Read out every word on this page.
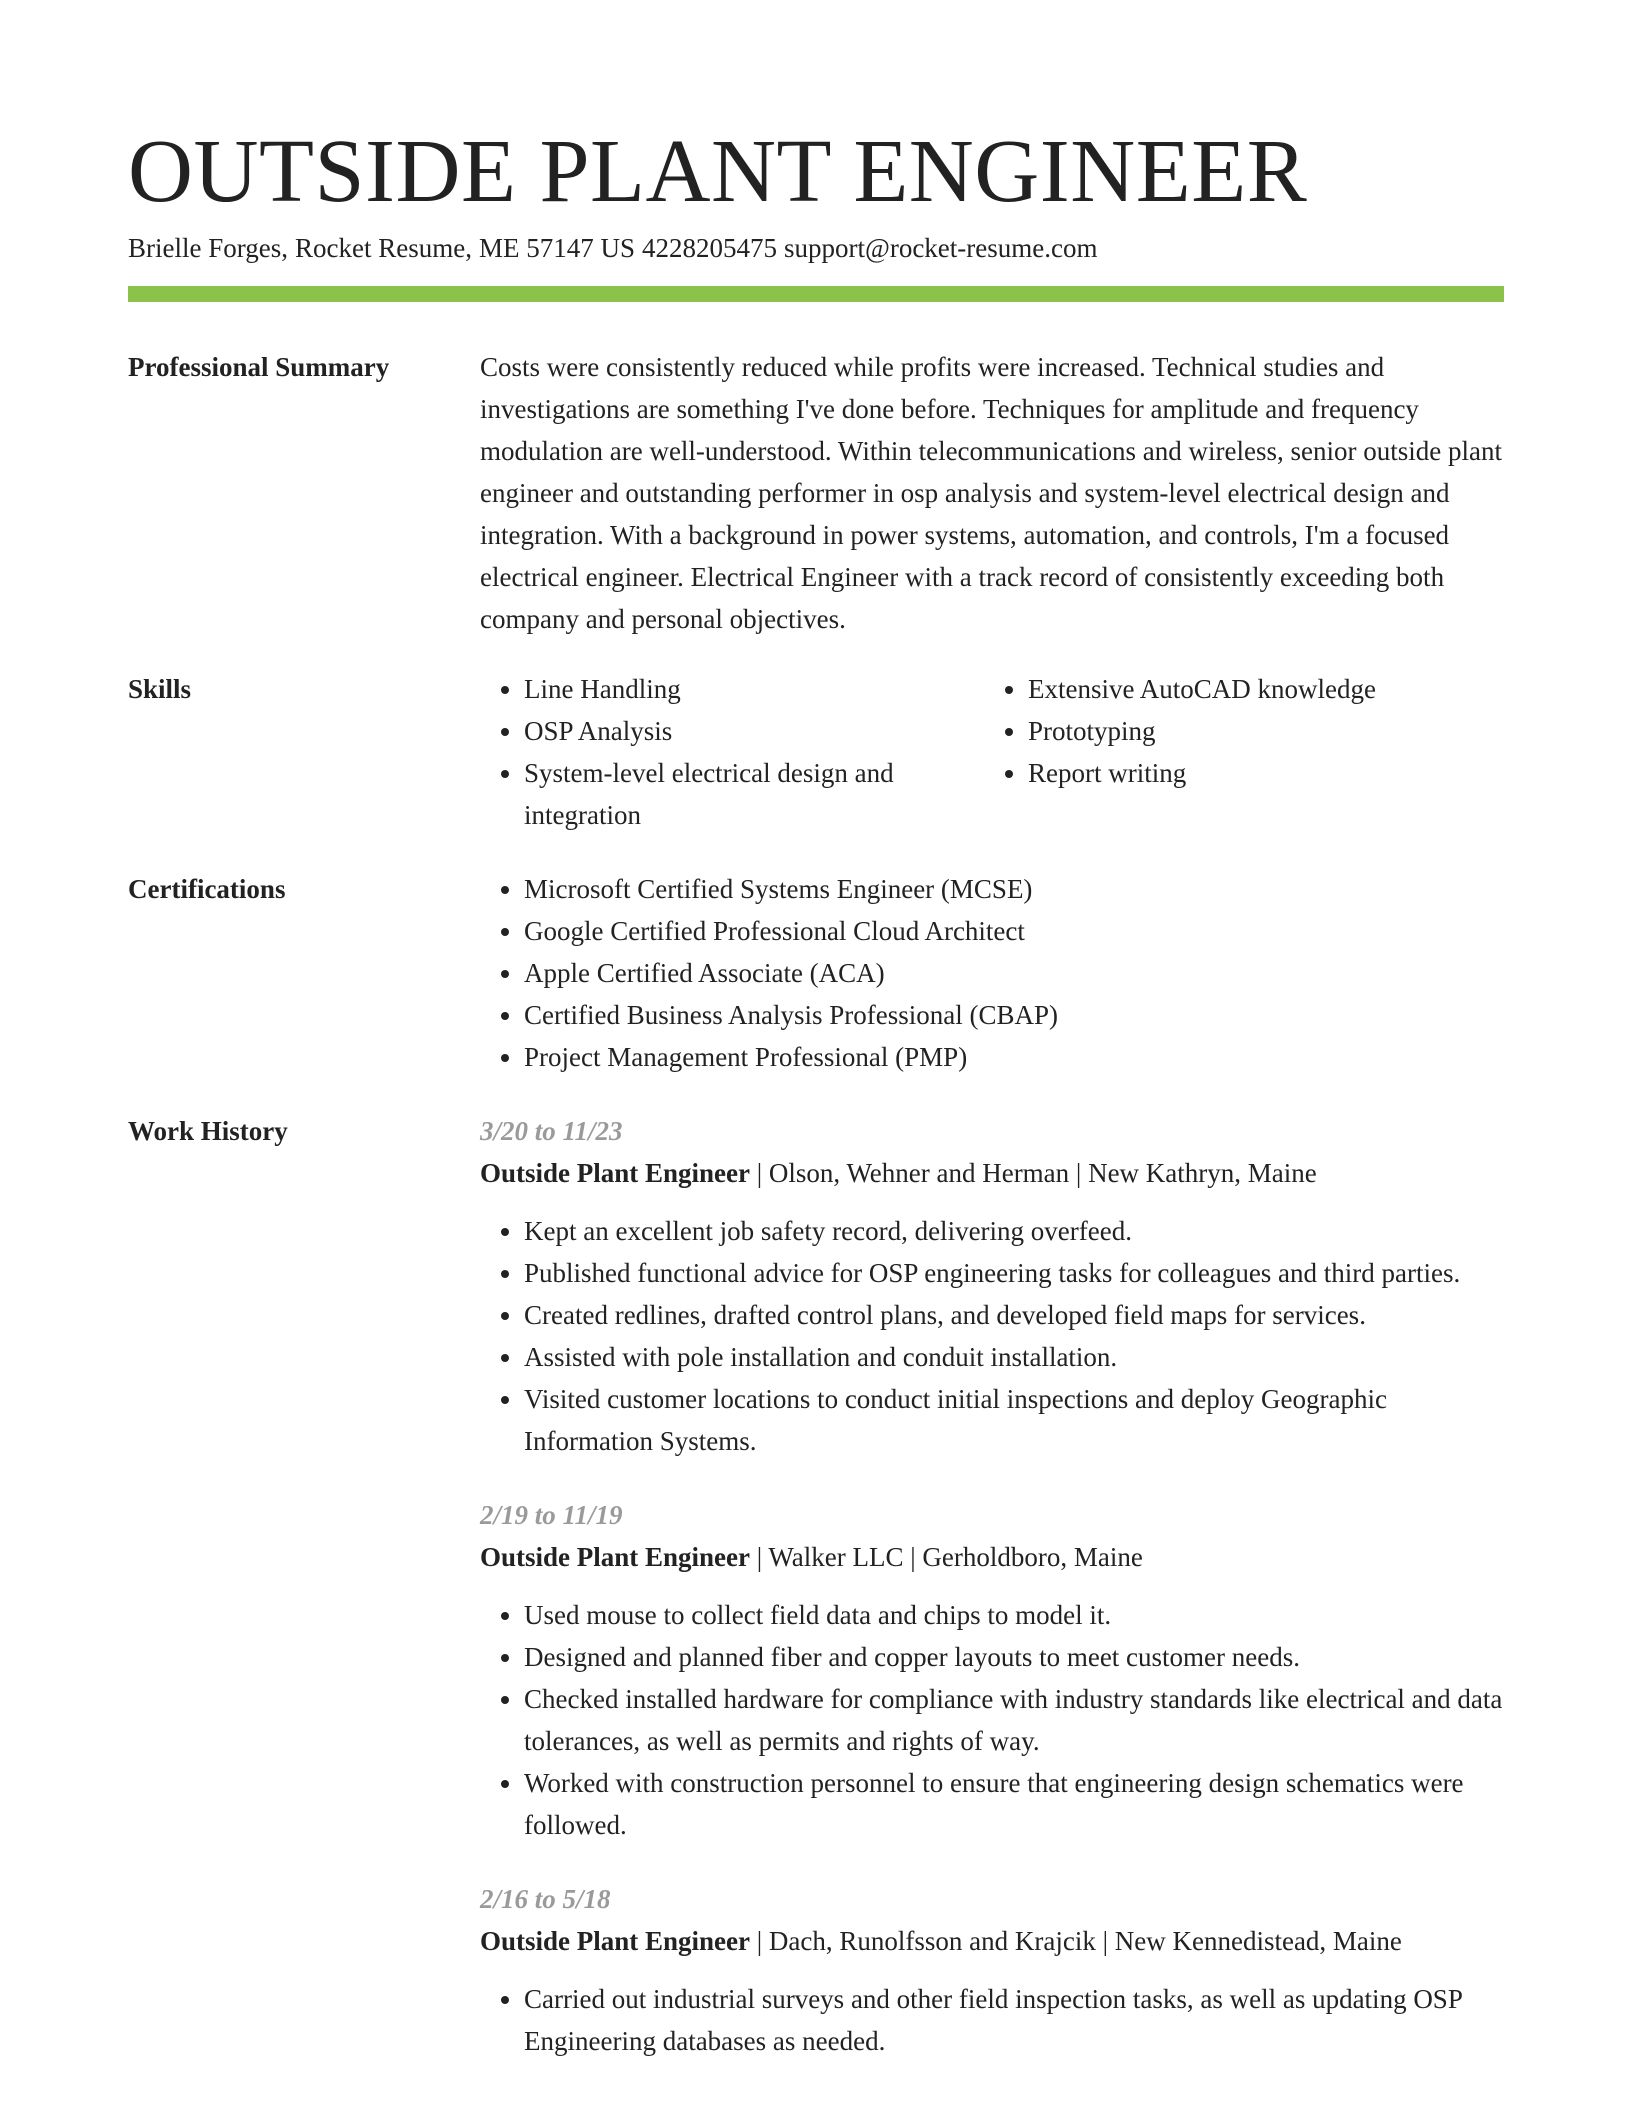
OUTSIDE PLANT ENGINEER
Brielle Forges, Rocket Resume, ME 57147 US 4228205475 support@rocket-resume.com
Professional Summary	Costs were consistently reduced while profits were increased. Technical studies and investigations are something I've done before. Techniques for amplitude and frequency modulation are well-understood. Within telecommunications and wireless, senior outside plant engineer and outstanding performer in osp analysis and system-level electrical design and integration. With a background in power systems, automation, and controls, I'm a focused electrical engineer. Electrical Engineer with a track record of consistently exceeding both company and personal objectives.

Skills	• Line Handling
• OSP Analysis
• System-level electrical design and integration
• Extensive AutoCAD knowledge
• Prototyping
• Report writing
Certifications	• Microsoft Certified Systems Engineer (MCSE)
• Google Certified Professional Cloud Architect
• Apple Certified Associate (ACA)
• Certified Business Analysis Professional (CBAP)
• Project Management Professional (PMP)
Work History	3/20 to 11/23
Outside Plant Engineer | Olson, Wehner and Herman | New Kathryn, Maine
• Kept an excellent job safety record, delivering overfeed.
• Published functional advice for OSP engineering tasks for colleagues and third parties.
• Created redlines, drafted control plans, and developed field maps for services.
• Assisted with pole installation and conduit installation.
• Visited customer locations to conduct initial inspections and deploy Geographic Information Systems.
2/19 to 11/19
Outside Plant Engineer | Walker LLC | Gerholdboro, Maine
• Used mouse to collect field data and chips to model it.
• Designed and planned fiber and copper layouts to meet customer needs.
• Checked installed hardware for compliance with industry standards like electrical and data tolerances, as well as permits and rights of way.
• Worked with construction personnel to ensure that engineering design schematics were followed.
2/16 to 5/18
Outside Plant Engineer | Dach, Runolfsson and Krajcik | New Kennedistead, Maine
• Carried out industrial surveys and other field inspection tasks, as well as updating OSP Engineering databases as needed.
